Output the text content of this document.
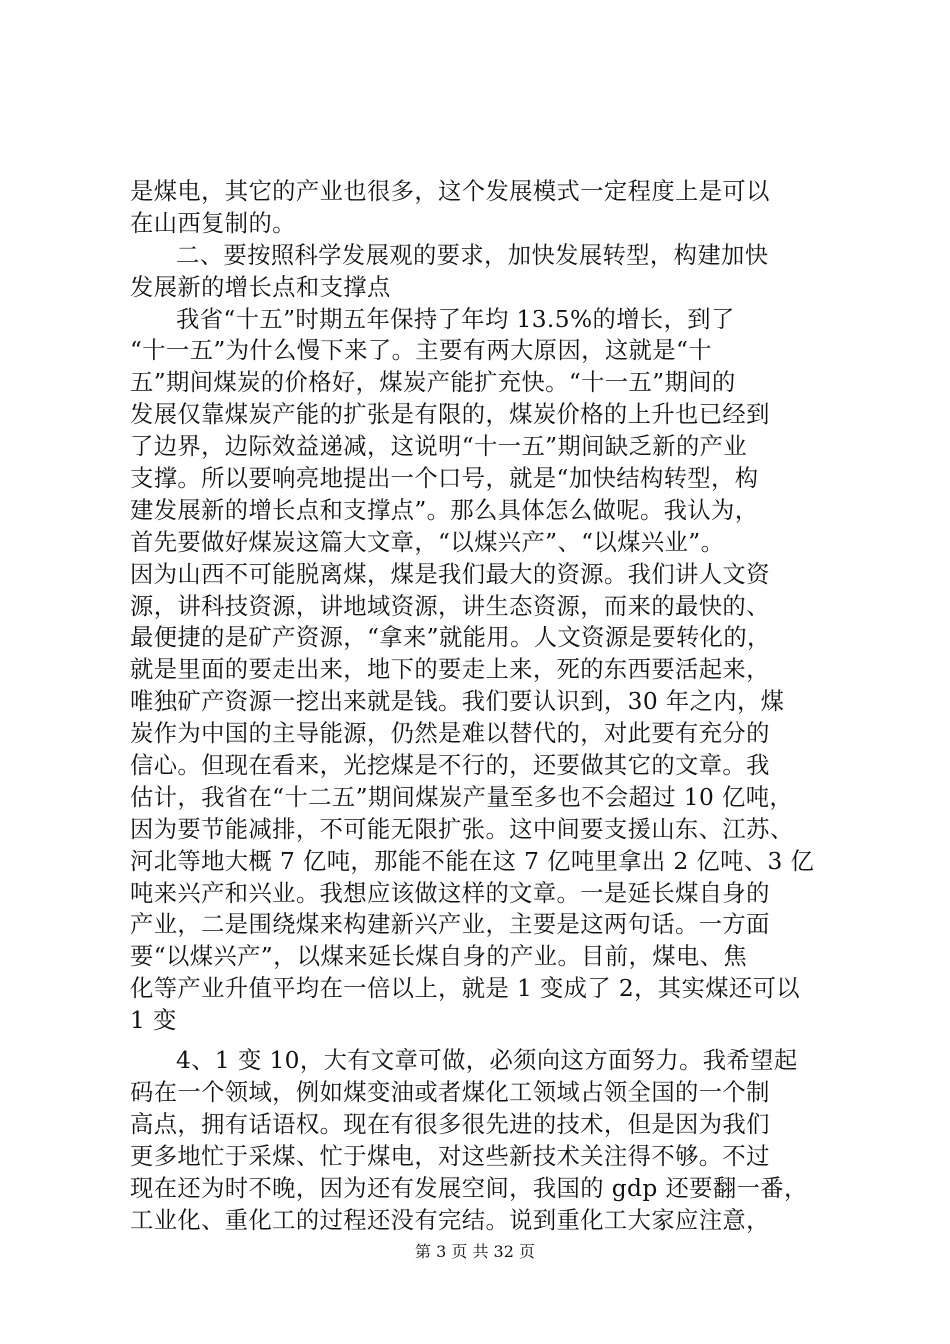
是煤电，其它的产业也很多，这个发展模式一定程度上是可以
在山西复制的。
二、要按照科学发展观的要求，加快发展转型，构建加快
发展新的增长点和支撑点
我省“十五”时期五年保持了年均 13.5%的增长，到了
“十一五”为什么慢下来了。主要有两大原因，这就是“十
五”期间煤炭的价格好，煤炭产能扩充快。“十一五”期间的
发展仅靠煤炭产能的扩张是有限的，煤炭价格的上升也已经到
了边界，边际效益递减，这说明“十一五”期间缺乏新的产业
支撑。所以要响亮地提出一个口号，就是“加快结构转型，构
建发展新的增长点和支撑点”。那么具体怎么做呢。我认为，
首先要做好煤炭这篇大文章，“以煤兴产”、“以煤兴业”。
因为山西不可能脱离煤，煤是我们最大的资源。我们讲人文资
源，讲科技资源，讲地域资源，讲生态资源，而来的最快的、
最便捷的是矿产资源，“拿来”就能用。人文资源是要转化的，
就是里面的要走出来，地下的要走上来，死的东西要活起来，
唯独矿产资源一挖出来就是钱。我们要认识到，30 年之内，煤
炭作为中国的主导能源，仍然是难以替代的，对此要有充分的
信心。但现在看来，光挖煤是不行的，还要做其它的文章。我
估计，我省在“十二五”期间煤炭产量至多也不会超过 10 亿吨，
因为要节能减排，不可能无限扩张。这中间要支援山东、江苏、
河北等地大概 7 亿吨，那能不能在这 7 亿吨里拿出 2 亿吨、3 亿
吨来兴产和兴业。我想应该做这样的文章。一是延长煤自身的
产业，二是围绕煤来构建新兴产业，主要是这两句话。一方面
要“以煤兴产”，以煤来延长煤自身的产业。目前，煤电、焦
化等产业升值平均在一倍以上，就是 1 变成了 2，其实煤还可以
1 变
4、1 变 10，大有文章可做，必须向这方面努力。我希望起
码在一个领域，例如煤变油或者煤化工领域占领全国的一个制
高点，拥有话语权。现在有很多很先进的技术，但是因为我们
更多地忙于采煤、忙于煤电，对这些新技术关注得不够。不过
现在还为时不晚，因为还有发展空间，我国的 gdp 还要翻一番，
工业化、重化工的过程还没有完结。说到重化工大家应注意，
第 3 页 共 32 页
